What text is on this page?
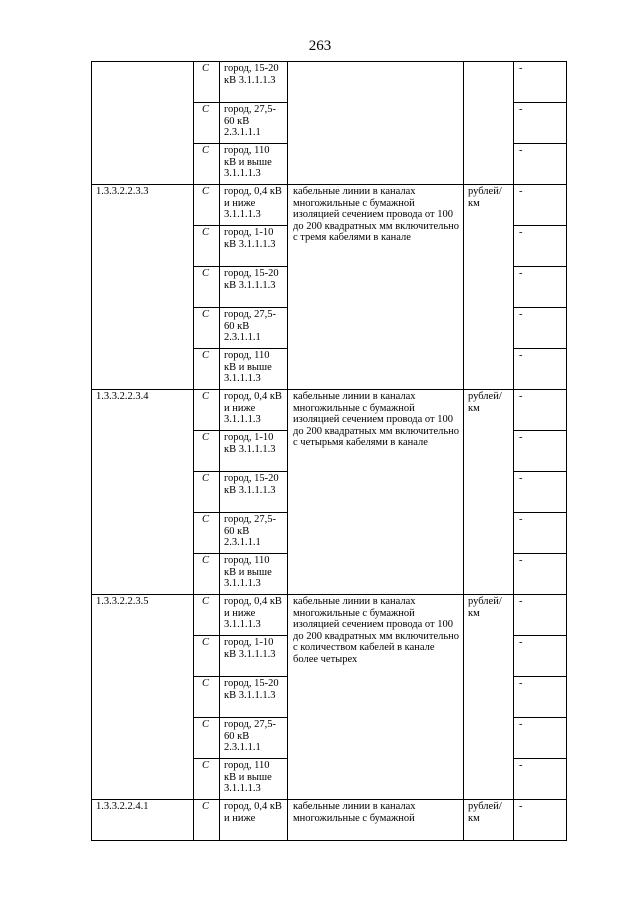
263
	С	город, 15-20 кВ 3.1.1.1.3			-
	С	город, 27,5-60 кВ 2.3.1.1.1			-
	С	город, 110 кВ и выше 3.1.1.1.3			-
1.3.3.2.2.3.3	С	город, 0,4 кВ и ниже 3.1.1.1.3	кабельные линии в каналах многожильные с бумажной изоляцией сечением провода от 100 до 200 квадратных мм включительно с тремя кабелями в канале	рублей/км	-
	С	город, 1-10 кВ 3.1.1.1.3			-
	С	город, 15-20 кВ 3.1.1.1.3			-
	С	город, 27,5-60 кВ 2.3.1.1.1			-
	С	город, 110 кВ и выше 3.1.1.1.3			-
1.3.3.2.2.3.4	С	город, 0,4 кВ и ниже 3.1.1.1.3	кабельные линии в каналах многожильные с бумажной изоляцией сечением провода от 100 до 200 квадратных мм включительно с четырьмя кабелями в канале	рублей/км	-
	С	город, 1-10 кВ 3.1.1.1.3			-
	С	город, 15-20 кВ 3.1.1.1.3			-
	С	город, 27,5-60 кВ 2.3.1.1.1			-
	С	город, 110 кВ и выше 3.1.1.1.3			-
1.3.3.2.2.3.5	С	город, 0,4 кВ и ниже 3.1.1.1.3	кабельные линии в каналах многожильные с бумажной изоляцией сечением провода от 100 до 200 квадратных мм включительно с количеством кабелей в канале более четырех	рублей/км	-
	С	город, 1-10 кВ 3.1.1.1.3			-
	С	город, 15-20 кВ 3.1.1.1.3			-
	С	город, 27,5-60 кВ 2.3.1.1.1			-
	С	город, 110 кВ и выше 3.1.1.1.3			-
1.3.3.2.2.4.1	С	город, 0,4 кВ и ниже	кабельные линии в каналах многожильные с бумажной	рублей/км	-
